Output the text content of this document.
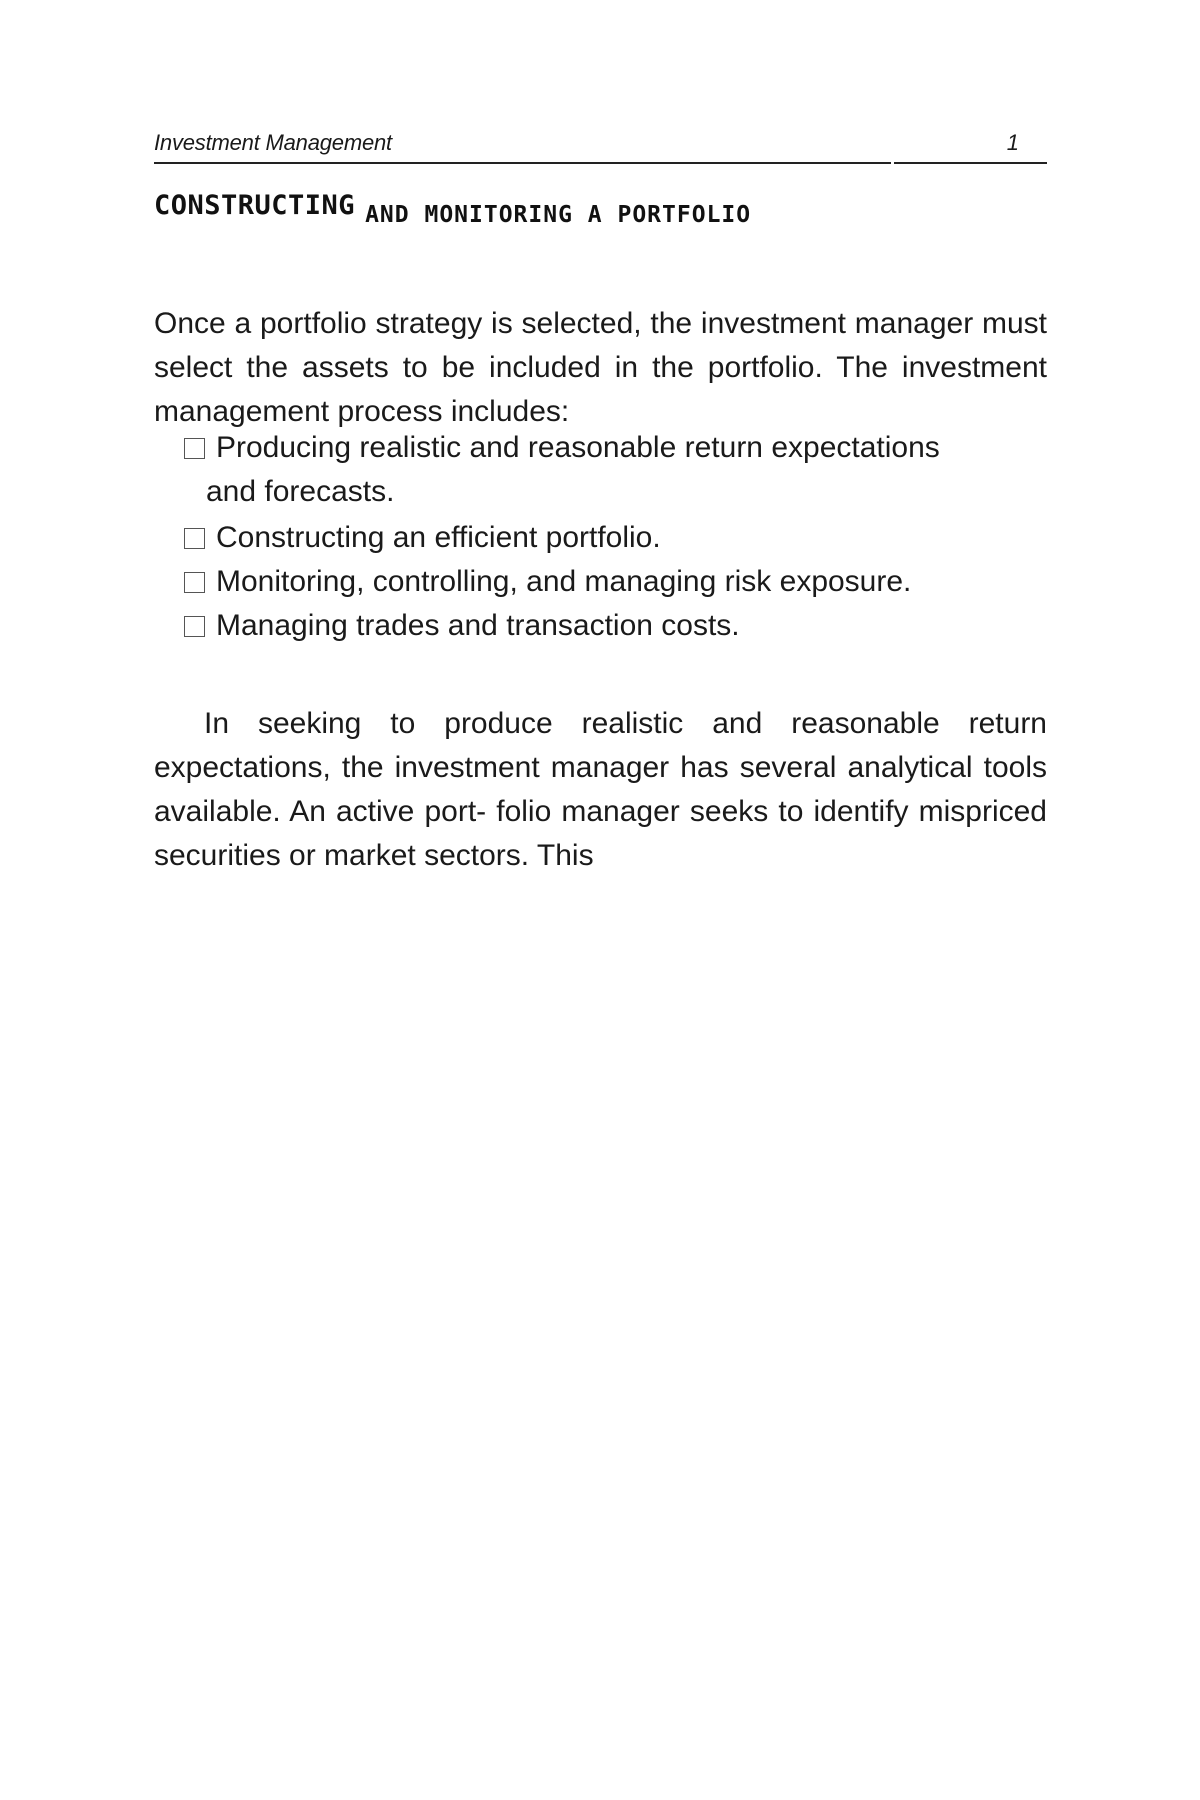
Investment Management	1
CONSTRUCTING AND MONITORING A PORTFOLIO

Once a portfolio strategy is selected, the investment manager must select the assets to be included in the portfolio. The investment management process includes:

Producing realistic and reasonable return expectations
and forecasts.
Constructing an efficient portfolio.
Monitoring, controlling, and managing risk exposure.
Managing trades and transaction costs.

In seeking to produce realistic and reasonable return expectations, the investment manager has several analytical tools available. An active port- folio manager seeks to identify mispriced securities or market sectors. This
